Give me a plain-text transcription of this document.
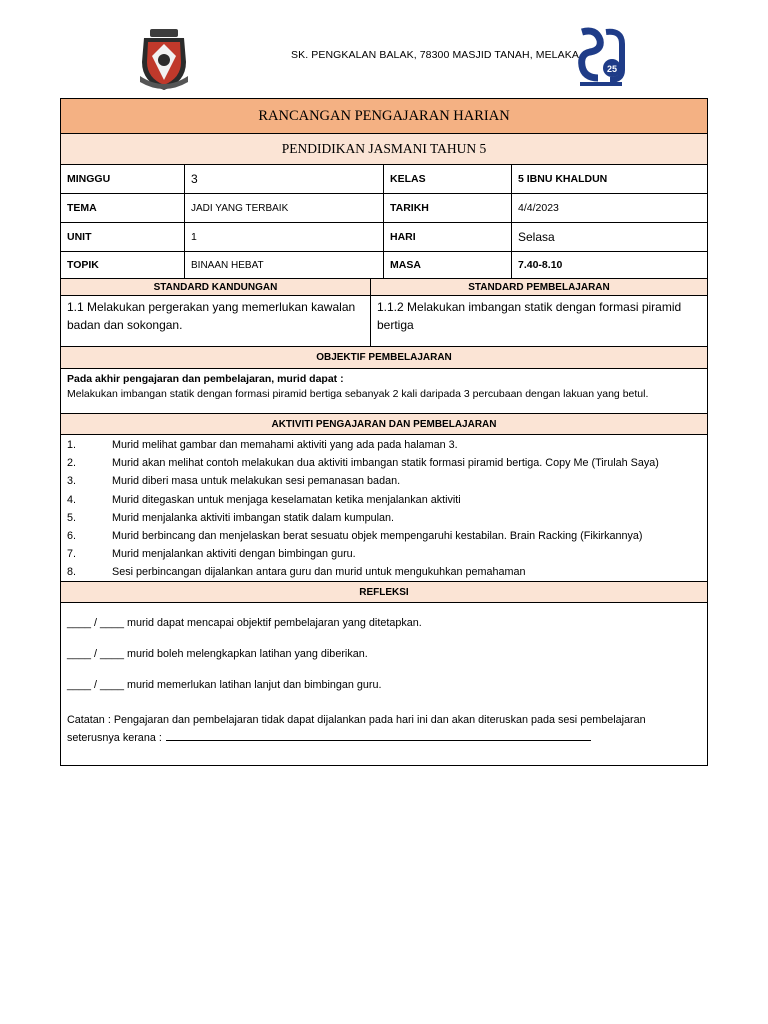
SK. PENGKALAN BALAK, 78300 MASJID TANAH, MELAKA
25
RANCANGAN PENGAJARAN HARIAN
PENDIDIKAN JASMANI TAHUN 5
MINGGU	3	KELAS	5 IBNU KHALDUN
TEMA	JADI YANG TERBAIK	TARIKH	4/4/2023
UNIT	1	HARI	Selasa
TOPIK	BINAAN HEBAT	MASA	7.40-8.10
STANDARD KANDUNGAN	STANDARD PEMBELAJARAN
1.1 Melakukan pergerakan yang memerlukan kawalan badan dan sokongan.
1.1.2 Melakukan imbangan statik dengan formasi piramid bertiga
OBJEKTIF PEMBELAJARAN
Pada akhir pengajaran dan pembelajaran, murid dapat :
Melakukan imbangan statik dengan formasi piramid bertiga sebanyak 2 kali daripada 3 percubaan dengan lakuan yang betul.
AKTIVITI PENGAJARAN DAN PEMBELAJARAN
1.	Murid melihat gambar dan memahami aktiviti yang ada pada halaman 3.
2.	Murid akan melihat contoh melakukan dua aktiviti imbangan statik formasi piramid bertiga. Copy Me (Tirulah Saya)
3.	Murid diberi masa untuk melakukan sesi pemanasan badan.
4.	Murid ditegaskan untuk menjaga keselamatan ketika menjalankan aktiviti
5.	Murid menjalanka aktiviti imbangan statik dalam kumpulan.
6.	Murid berbincang dan menjelaskan berat sesuatu objek mempengaruhi kestabilan. Brain Racking (Fikirkannya)
7.	Murid menjalankan aktiviti dengan bimbingan guru.
8.	Sesi perbincangan dijalankan antara guru dan murid untuk mengukuhkan pemahaman
REFLEKSI

____ / ____ murid dapat mencapai objektif pembelajaran yang ditetapkan.

____ / ____ murid boleh melengkapkan latihan yang diberikan.

____ / ____ murid memerlukan latihan lanjut dan bimbingan guru.

Catatan : Pengajaran dan pembelajaran tidak dapat dijalankan pada hari ini dan akan diteruskan pada sesi pembelajaran seterusnya kerana :
